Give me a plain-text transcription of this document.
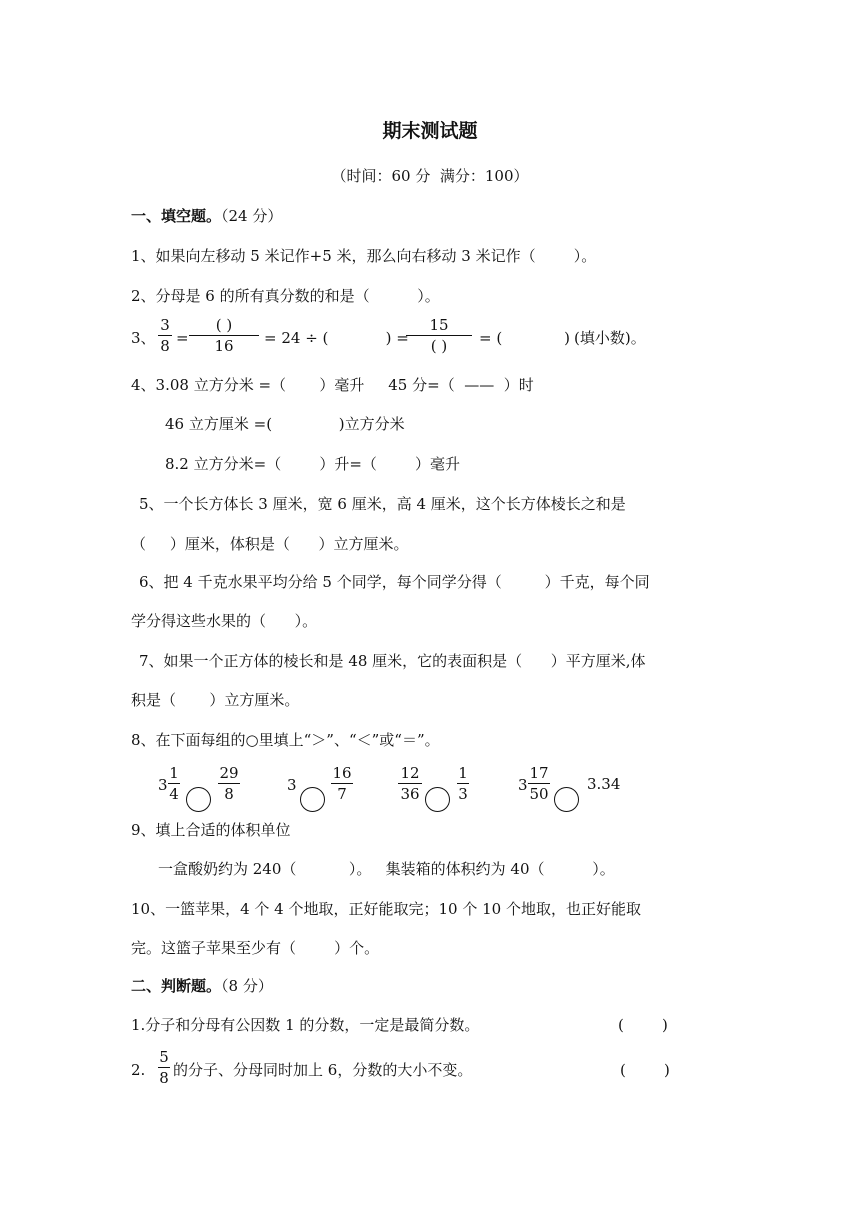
期末测试题
（时间：60 分  满分：100）
一、填空题。（24 分）
1、如果向左移动 5 米记作+5 米，那么向右移动 3 米记作（        ）。
2、分母是 6 的所有真分数的和是（          ）。
3、
3
8 =
( )
16	= 24 ÷ (            ) =
15
( )	= (             ) (填小数)。
4、3.08 立方分米 =（       ）毫升     45 分=（  ——  ）时
46 立方厘米 =(              )立方分米
8.2 立方分米=（        ）升=（        ）毫升
5、一个长方体长 3 厘米，宽 6 厘米，高 4 厘米，这个长方体棱长之和是
（     ）厘米，体积是（      ）立方厘米。
6、把 4 千克水果平均分给 5 个同学，每个同学分得（         ）千克，每个同
学分得这些水果的（      ）。
7、如果一个正方体的棱长和是 48 厘米，它的表面积是（      ）平方厘米,体
积是（       ）立方厘米。
8、在下面每组的○里填上“＞”、“＜”或“＝”。
3
1
4
29
8	3
16
7
12
36
1
3	3
17
50
3.34
9、填上合适的体积单位
一盒酸奶约为 240（           ）。   集装箱的体积约为 40（          ）。
10、一篮苹果，4 个 4 个地取，正好能取完；10 个 10 个地取，也正好能取
完。这篮子苹果至少有（        ）个。
二、判断题。（8 分）
1.分子和分母有公因数 1 的分数，一定是最简分数。	(        )
2.
5
8 的分子、分母同时加上 6，分数的大小不变。	(        )
